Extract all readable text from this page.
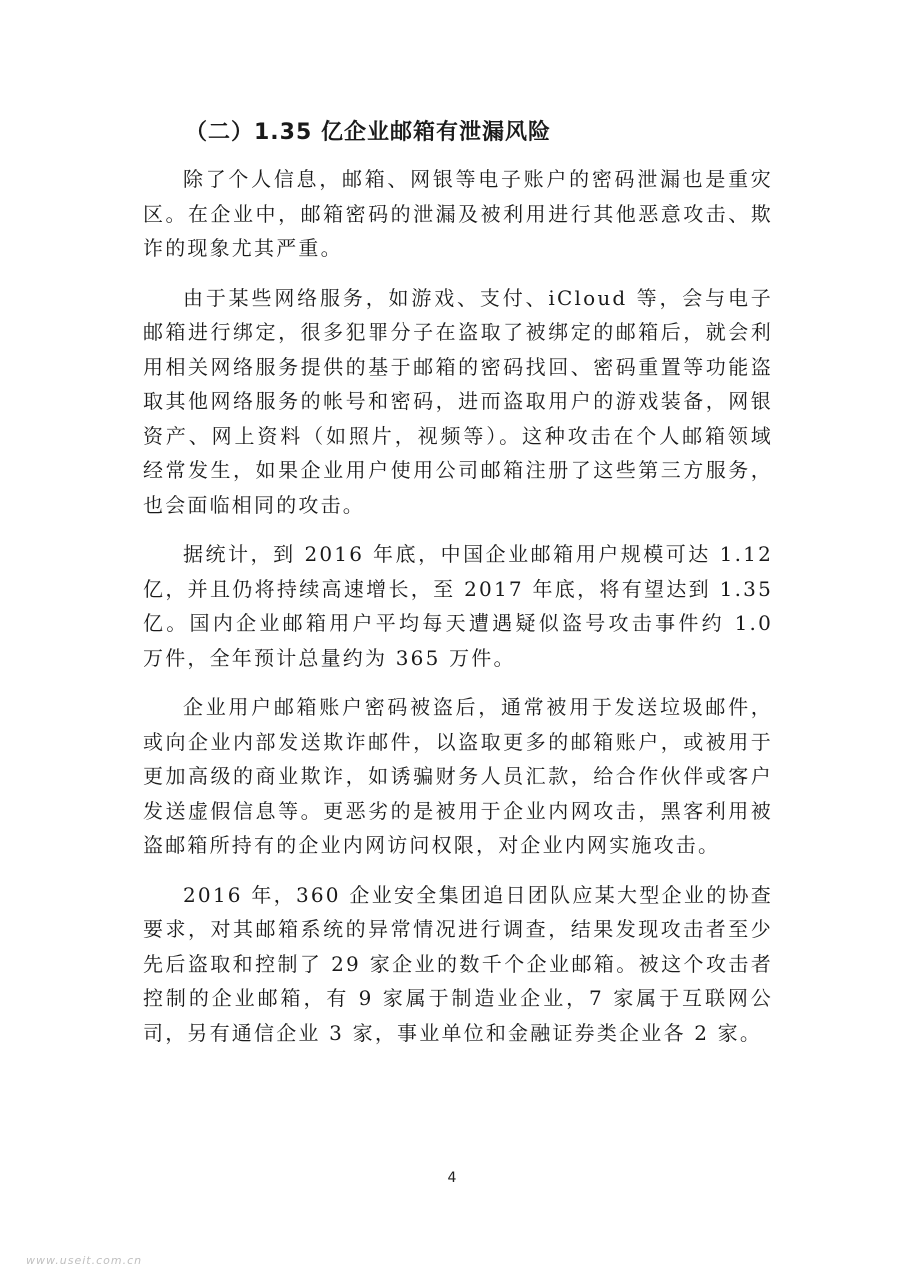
（二）1.35 亿企业邮箱有泄漏风险

除了个人信息，邮箱、网银等电子账户的密码泄漏也是重灾区。在企业中，邮箱密码的泄漏及被利用进行其他恶意攻击、欺诈的现象尤其严重。

由于某些网络服务，如游戏、支付、iCloud 等，会与电子邮箱进行绑定，很多犯罪分子在盗取了被绑定的邮箱后，就会利用相关网络服务提供的基于邮箱的密码找回、密码重置等功能盗取其他网络服务的帐号和密码，进而盗取用户的游戏装备，网银资产、网上资料（如照片，视频等）。这种攻击在个人邮箱领域经常发生，如果企业用户使用公司邮箱注册了这些第三方服务，也会面临相同的攻击。

据统计，到 2016 年底，中国企业邮箱用户规模可达 1.12 亿，并且仍将持续高速增长，至 2017 年底，将有望达到 1.35 亿。国内企业邮箱用户平均每天遭遇疑似盗号攻击事件约 1.0 万件，全年预计总量约为 365 万件。

企业用户邮箱账户密码被盗后，通常被用于发送垃圾邮件，或向企业内部发送欺诈邮件，以盗取更多的邮箱账户，或被用于更加高级的商业欺诈，如诱骗财务人员汇款，给合作伙伴或客户发送虚假信息等。更恶劣的是被用于企业内网攻击，黑客利用被盗邮箱所持有的企业内网访问权限，对企业内网实施攻击。

2016 年，360 企业安全集团追日团队应某大型企业的协查要求，对其邮箱系统的异常情况进行调查，结果发现攻击者至少先后盗取和控制了 29 家企业的数千个企业邮箱。被这个攻击者控制的企业邮箱，有 9 家属于制造业企业，7 家属于互联网公司，另有通信企业 3 家，事业单位和金融证券类企业各 2 家。

4
www.useit.com.cn
